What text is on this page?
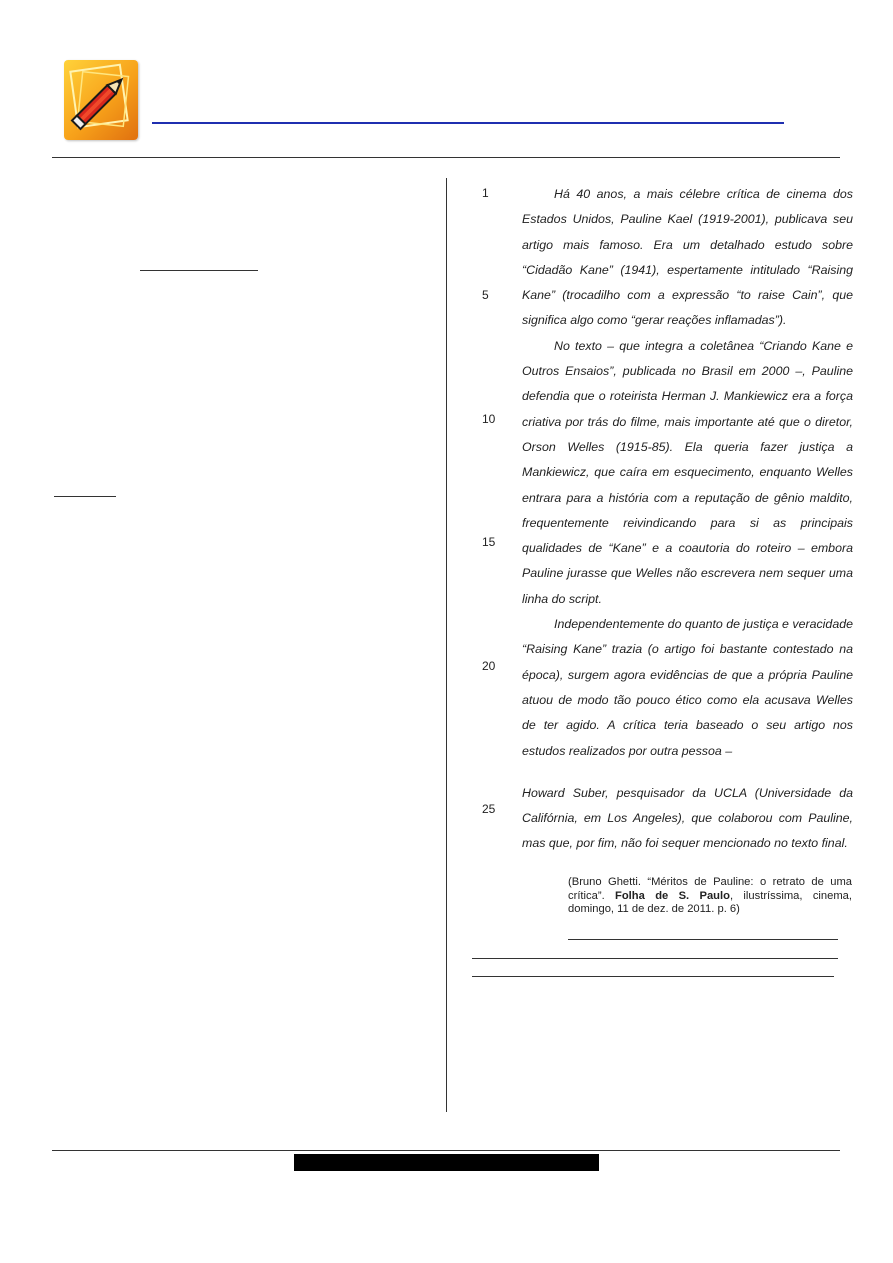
1
5
10
15
20
25

Há 40 anos, a mais célebre crítica de cinema dos Estados Unidos, Pauline Kael (1919-2001), publicava seu artigo mais famoso. Era um detalhado estudo sobre “Cidadão Kane” (1941), espertamente intitulado “Raising Kane” (trocadilho com a expressão “to raise Cain”, que significa algo como “gerar reações inflamadas”).

No texto – que integra a coletânea “Criando Kane e Outros Ensaios”, publicada no Brasil em 2000 –, Pauline defendia que o roteirista Herman J. Mankiewicz era a força criativa por trás do filme, mais importante até que o diretor, Orson Welles (1915-85). Ela queria fazer justiça a Mankiewicz, que caíra em esquecimento, enquanto Welles entrara para a história com a reputação de gênio maldito, frequentemente reivindicando para si as principais qualidades de “Kane” e a coautoria do roteiro – embora Pauline jurasse que Welles não escrevera nem sequer uma linha do script.

Independentemente do quanto de justiça e veracidade “Raising Kane” trazia (o artigo foi bastante contestado na época), surgem agora evidências de que a própria Pauline atuou de modo tão pouco ético como ela acusava Welles de ter agido. A crítica teria baseado o seu artigo nos estudos realizados por outra pessoa –

Howard Suber, pesquisador da UCLA (Universidade da Califórnia, em Los Angeles), que colaborou com Pauline, mas que, por fim, não foi sequer mencionado no texto final.

(Bruno Ghetti. “Méritos de Pauline: o retrato de uma crítica”. Folha de S. Paulo, ilustríssima, cinema, domingo, 11 de dez. de 2011. p. 6)
